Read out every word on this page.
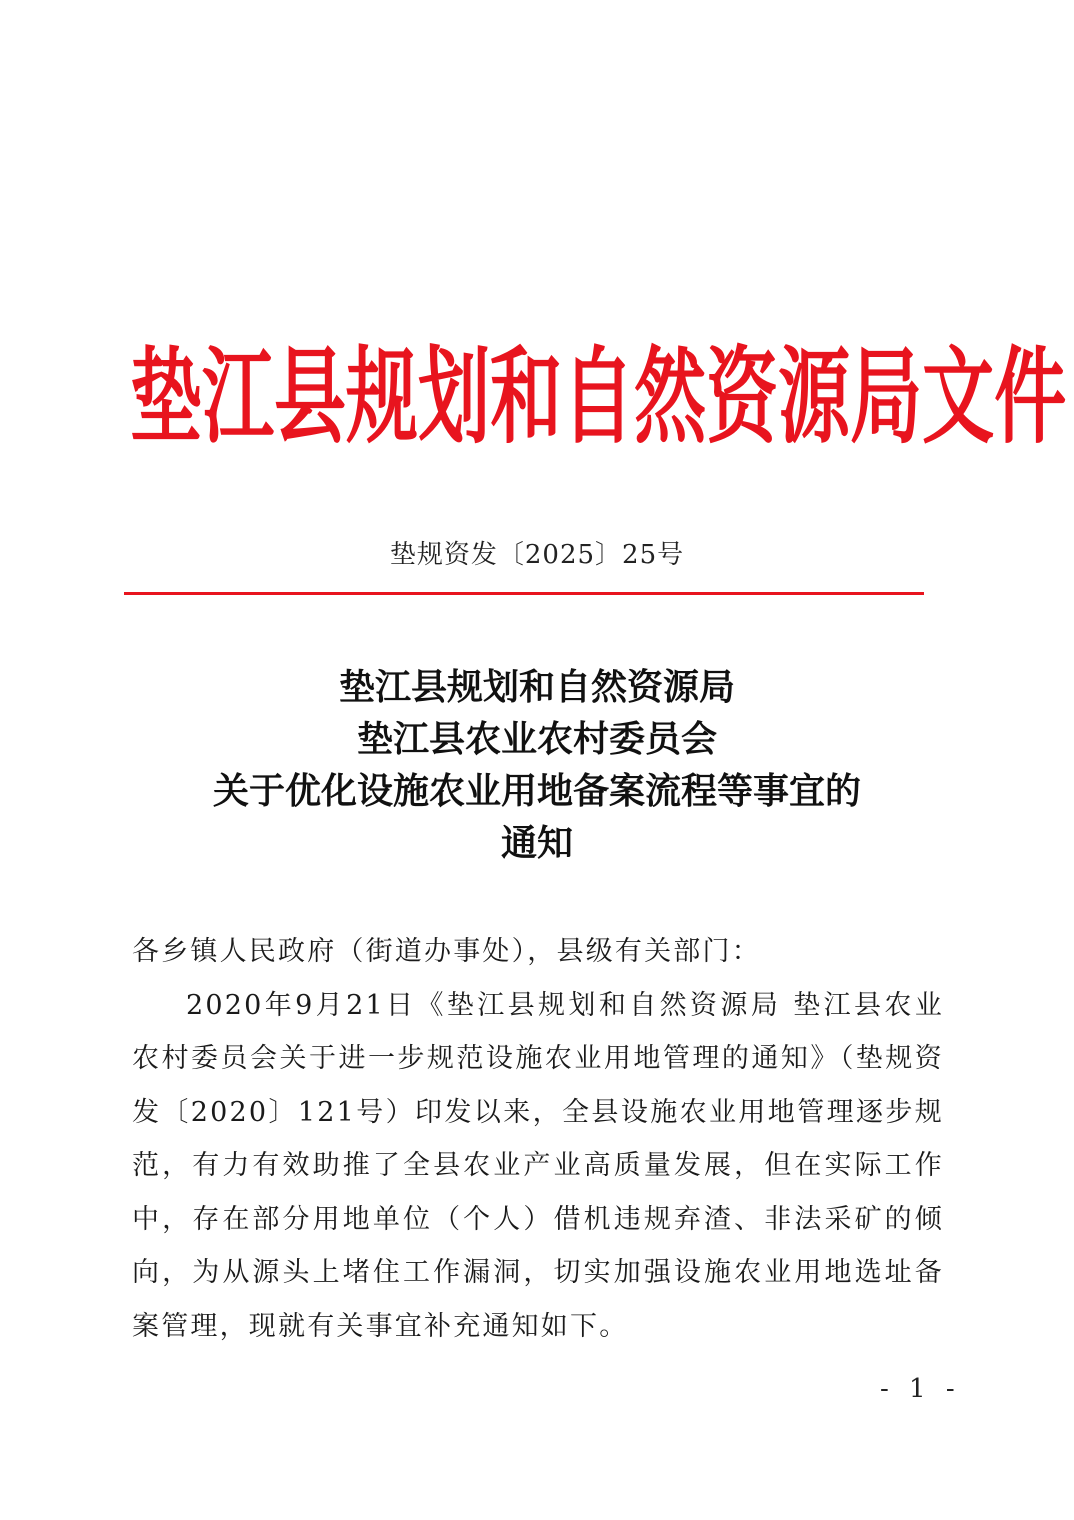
垫 江 县 规 划 和 自 然 资 源 局 文 件
垫规资发〔2025〕25号
垫江县规划和自然资源局
垫江县农业农村委员会
关于优化设施农业用地备案流程等事宜的
通知
各乡镇人民政府（街道办事处），县级有关部门：
2020年9月21日《垫江县规划和自然资源局 垫江县农业农村委员会关于进一步规范设施农业用地管理的通知》（垫规资发〔2020〕121号）印发以来，全县设施农业用地管理逐步规范，有力有效助推了全县农业产业高质量发展，但在实际工作中，存在部分用地单位（个人）借机违规弃渣、非法采矿的倾向，为从源头上堵住工作漏洞，切实加强设施农业用地选址备案管理，现就有关事宜补充通知如下。
- 1 -
